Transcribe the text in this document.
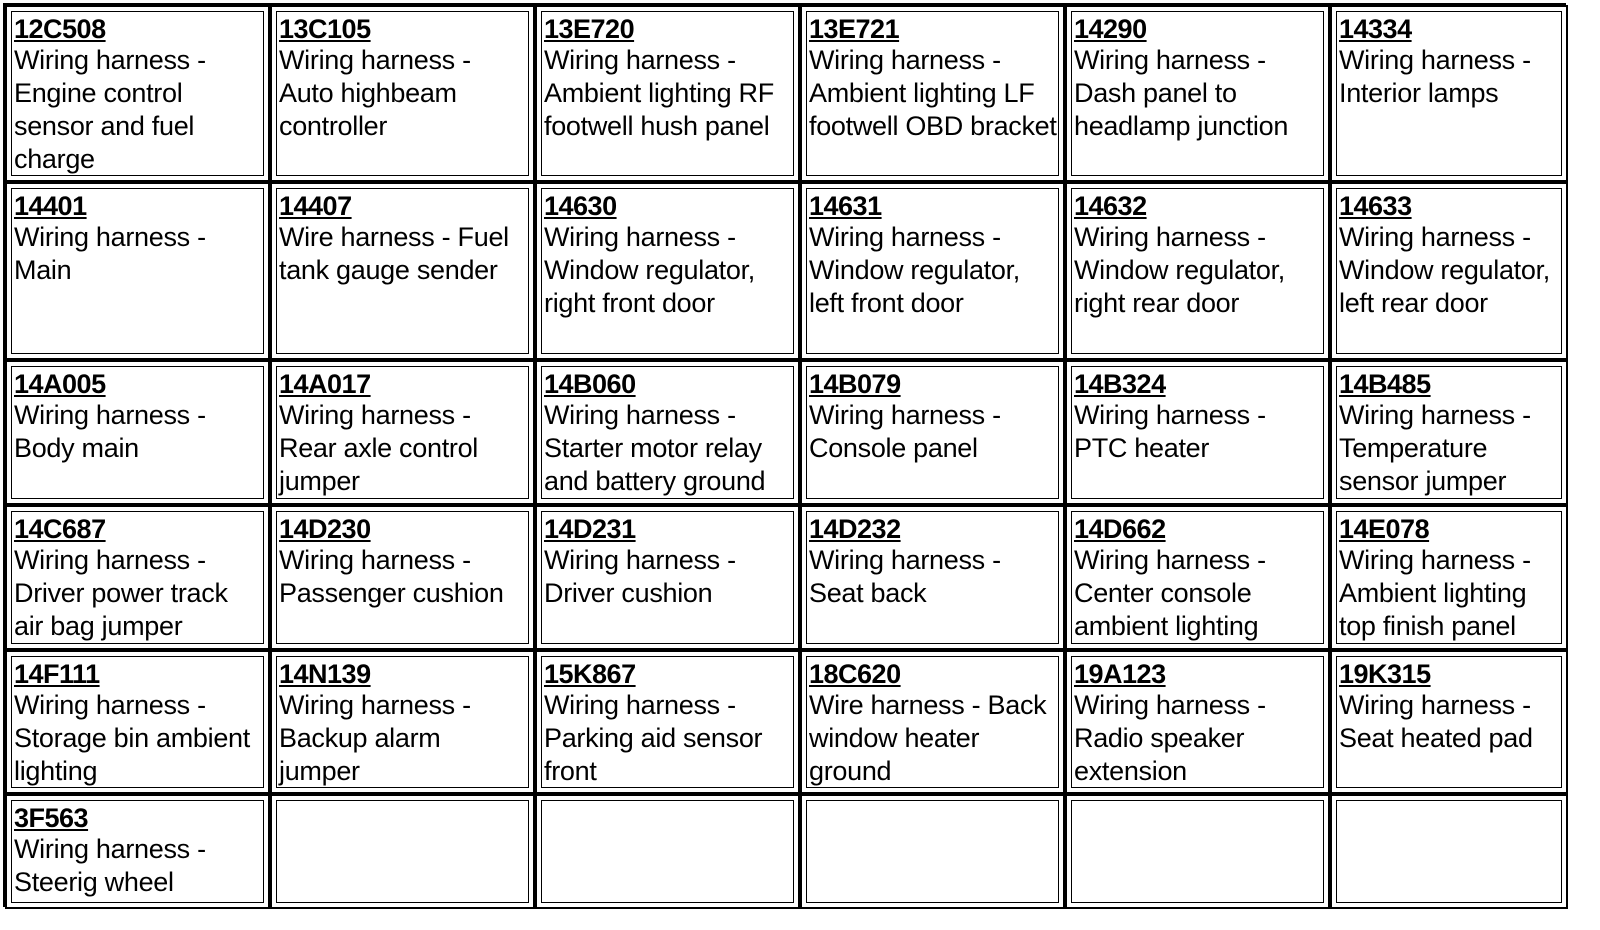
12C508
Wiring harness - Engine control sensor and fuel charge
13C105
Wiring harness - Auto highbeam controller
13E720
Wiring harness - Ambient lighting RF footwell hush panel
13E721
Wiring harness - Ambient lighting LF footwell OBD bracket
14290
Wiring harness - Dash panel to headlamp junction
14334
Wiring harness - Interior lamps
14401
Wiring harness - Main
14407
Wire harness - Fuel tank gauge sender
14630
Wiring harness - Window regulator, right front door
14631
Wiring harness - Window regulator, left front door
14632
Wiring harness - Window regulator, right rear door
14633
Wiring harness - Window regulator, left rear door
14A005
Wiring harness - Body main
14A017
Wiring harness - Rear axle control jumper
14B060
Wiring harness - Starter motor relay and battery ground
14B079
Wiring harness - Console panel
14B324
Wiring harness - PTC heater
14B485
Wiring harness - Temperature sensor jumper
14C687
Wiring harness - Driver power track air bag jumper
14D230
Wiring harness - Passenger cushion
14D231
Wiring harness - Driver cushion
14D232
Wiring harness - Seat back
14D662
Wiring harness - Center console ambient lighting
14E078
Wiring harness - Ambient lighting top finish panel
14F111
Wiring harness - Storage bin ambient lighting
14N139
Wiring harness - Backup alarm jumper
15K867
Wiring harness - Parking aid sensor front
18C620
Wire harness - Back window heater ground
19A123
Wiring harness - Radio speaker extension
19K315
Wiring harness - Seat heated pad
3F563
Wiring harness - Steerig wheel
